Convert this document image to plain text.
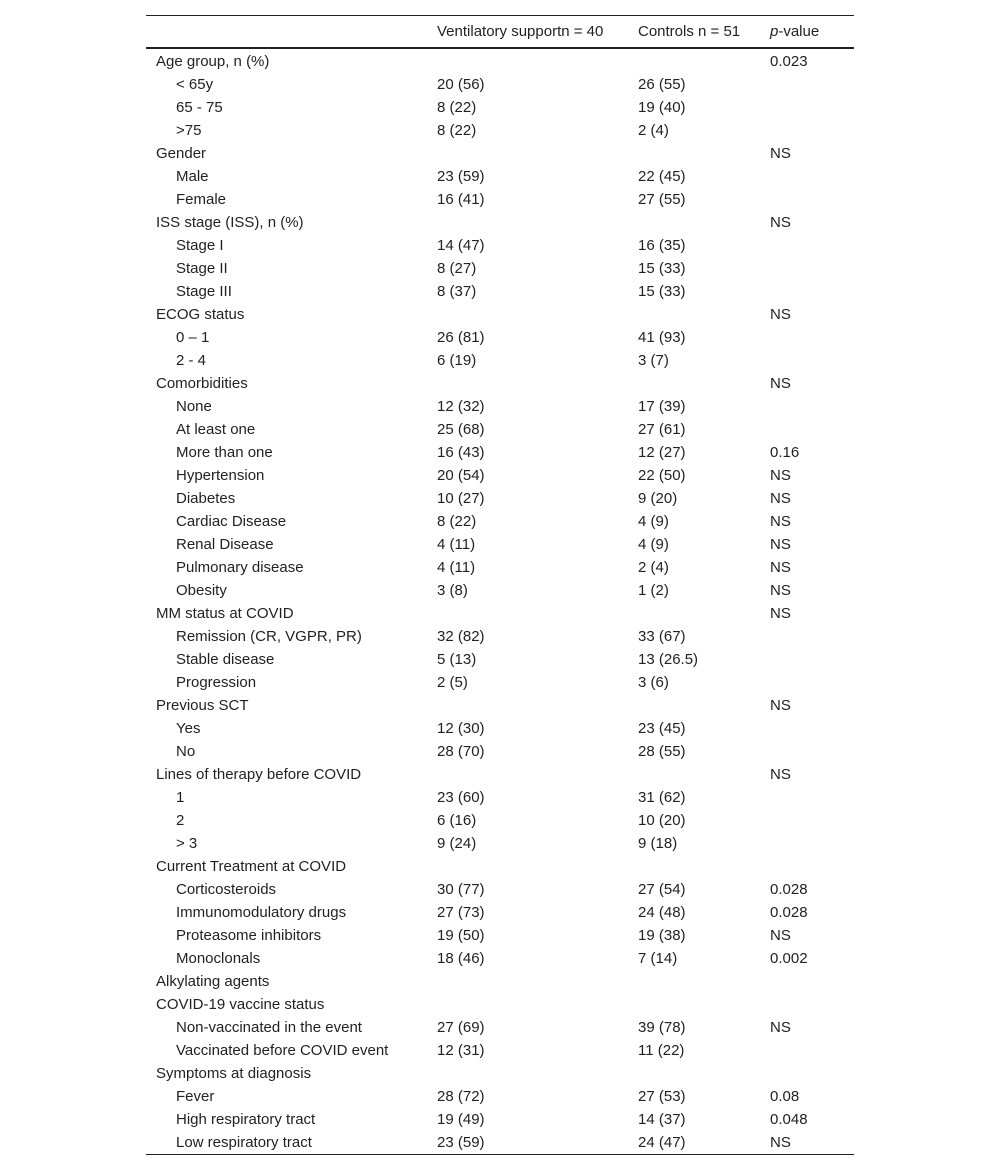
	Ventilatory supportn = 40	Controls n = 51	p-value
Age group, n (%)			0.023
< 65y	20 (56)	26 (55)	
65 - 75	8 (22)	19 (40)	
>75	8 (22)	2 (4)	
Gender			NS
Male	23 (59)	22 (45)	
Female	16 (41)	27 (55)	
ISS stage (ISS), n (%)			NS
Stage I	14 (47)	16 (35)	
Stage II	8 (27)	15 (33)	
Stage III	8 (37)	15 (33)	
ECOG status			NS
0 – 1	26 (81)	41 (93)	
2 - 4	6 (19)	3 (7)	
Comorbidities			NS
None	12 (32)	17 (39)	
At least one	25 (68)	27 (61)	
More than one	16 (43)	12 (27)	0.16
Hypertension	20 (54)	22 (50)	NS
Diabetes	10 (27)	9 (20)	NS
Cardiac Disease	8 (22)	4 (9)	NS
Renal Disease	4 (11)	4 (9)	NS
Pulmonary disease	4 (11)	2 (4)	NS
Obesity	3 (8)	1 (2)	NS
MM status at COVID			NS
Remission (CR, VGPR, PR)	32 (82)	33 (67)	
Stable disease	5 (13)	13 (26.5)	
Progression	2 (5)	3 (6)	
Previous SCT			NS
Yes	12 (30)	23 (45)	
No	28 (70)	28 (55)	
Lines of therapy before COVID			NS
1	23 (60)	31 (62)	
2	6 (16)	10 (20)	
> 3	9 (24)	9 (18)	
Current Treatment at COVID			
Corticosteroids	30 (77)	27 (54)	0.028
Immunomodulatory drugs	27 (73)	24 (48)	0.028
Proteasome inhibitors	19 (50)	19 (38)	NS
Monoclonals	18 (46)	7 (14)	0.002
Alkylating agents			
COVID-19 vaccine status			
Non-vaccinated in the event	27 (69)	39 (78)	NS
Vaccinated before COVID event	12 (31)	11 (22)	
Symptoms at diagnosis			
Fever	28 (72)	27 (53)	0.08
High respiratory tract	19 (49)	14 (37)	0.048
Low respiratory tract	23 (59)	24 (47)	NS
